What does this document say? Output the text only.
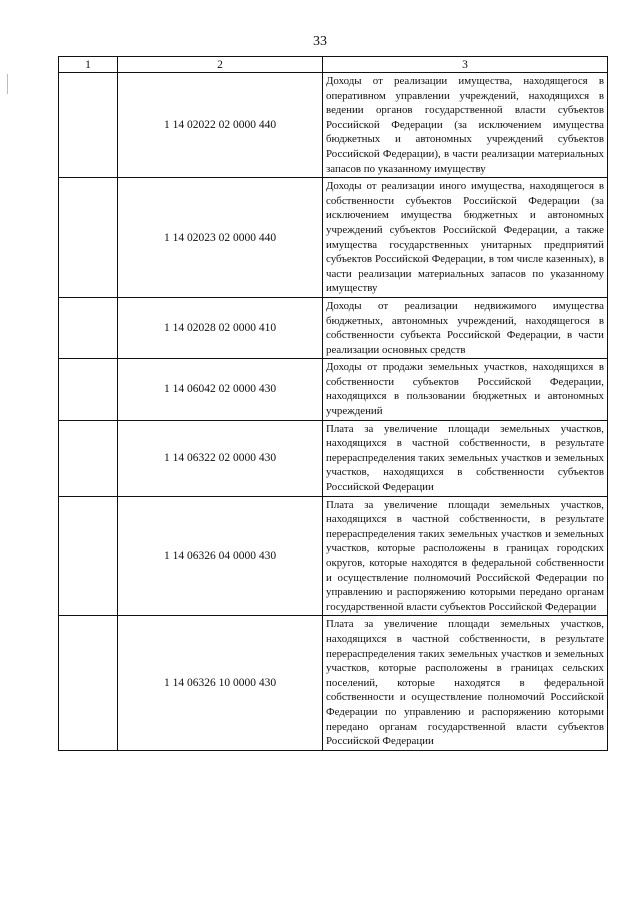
33
1	2	3
	1 14 02022 02 0000 440	Доходы от реализации имущества, находящегося в оперативном управлении учреждений, находящихся в ведении органов государственной власти субъектов Российской Федерации (за исключением имущества бюджетных и автономных учреждений субъектов Российской Федерации), в части реализации материальных запасов по указанному имуществу
	1 14 02023 02 0000 440	Доходы от реализации иного имущества, находящегося в собственности субъектов Российской Федерации (за исключением имущества бюджетных и автономных учреждений субъектов Российской Федерации, а также имущества государственных унитарных предприятий субъектов Российской Федерации, в том числе казенных), в части реализации материальных запасов по указанному имуществу
	1 14 02028 02 0000 410	Доходы от реализации недвижимого имущества бюджетных, автономных учреждений, находящегося в собственности субъекта Российской Федерации, в части реализации основных средств
	1 14 06042 02 0000 430	Доходы от продажи земельных участков, находящихся в собственности субъектов Российской Федерации, находящихся в пользовании бюджетных и автономных учреждений
	1 14 06322 02 0000 430	Плата за увеличение площади земельных участков, находящихся в частной собственности, в результате перераспределения таких земельных участков и земельных участков, находящихся в собственности субъектов Российской Федерации
	1 14 06326 04 0000 430	Плата за увеличение площади земельных участков, находящихся в частной собственности, в результате перераспределения таких земельных участков и земельных участков, которые расположены в границах городских округов, которые находятся в федеральной собственности и осуществление полномочий Российской Федерации по управлению и распоряжению которыми передано органам государственной власти субъектов Российской Федерации
	1 14 06326 10 0000 430	Плата за увеличение площади земельных участков, находящихся в частной собственности, в результате перераспределения таких земельных участков и земельных участков, которые расположены в границах сельских поселений, которые находятся в федеральной собственности и осуществление полномочий Российской Федерации по управлению и распоряжению которыми передано органам государственной власти субъектов Российской Федерации
